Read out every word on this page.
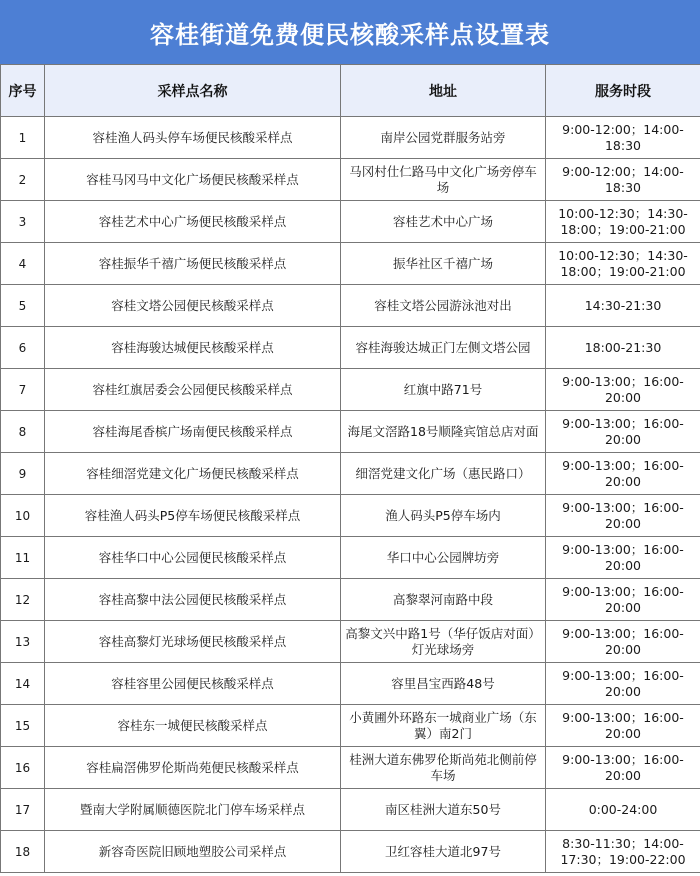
容桂街道免费便民核酸采样点设置表
序号	采样点名称	地址	服务时段
1	容桂渔人码头停车场便民核酸采样点	南岸公园党群服务站旁	9:00-12:00；14:00-18:30
2	容桂马冈马中文化广场便民核酸采样点	马冈村仕仁路马中文化广场旁停车场	9:00-12:00；14:00-18:30
3	容桂艺术中心广场便民核酸采样点	容桂艺术中心广场	10:00-12:30；14:30-18:00；19:00-21:00
4	容桂振华千禧广场便民核酸采样点	振华社区千禧广场	10:00-12:30；14:30-18:00；19:00-21:00
5	容桂文塔公园便民核酸采样点	容桂文塔公园游泳池对出	14:30-21:30
6	容桂海骏达城便民核酸采样点	容桂海骏达城正门左侧文塔公园	18:00-21:30
7	容桂红旗居委会公园便民核酸采样点	红旗中路71号	9:00-13:00；16:00-20:00
8	容桂海尾香槟广场南便民核酸采样点	海尾文滘路18号顺隆宾馆总店对面	9:00-13:00；16:00-20:00
9	容桂细滘党建文化广场便民核酸采样点	细滘党建文化广场（惠民路口）	9:00-13:00；16:00-20:00
10	容桂渔人码头P5停车场便民核酸采样点	渔人码头P5停车场内	9:00-13:00；16:00-20:00
11	容桂华口中心公园便民核酸采样点	华口中心公园牌坊旁	9:00-13:00；16:00-20:00
12	容桂高黎中法公园便民核酸采样点	高黎翠河南路中段	9:00-13:00；16:00-20:00
13	容桂高黎灯光球场便民核酸采样点	高黎文兴中路1号（华仔饭店对面）灯光球场旁	9:00-13:00；16:00-20:00
14	容桂容里公园便民核酸采样点	容里昌宝西路48号	9:00-13:00；16:00-20:00
15	容桂东一城便民核酸采样点	小黄圃外环路东一城商业广场（东翼）南2门	9:00-13:00；16:00-20:00
16	容桂扁滘佛罗伦斯尚苑便民核酸采样点	桂洲大道东佛罗伦斯尚苑北侧前停车场	9:00-13:00；16:00-20:00
17	暨南大学附属顺德医院北门停车场采样点	南区桂洲大道东50号	0:00-24:00
18	新容奇医院旧顾地塑胶公司采样点	卫红容桂大道北97号	8:30-11:30；14:00-17:30；19:00-22:00
